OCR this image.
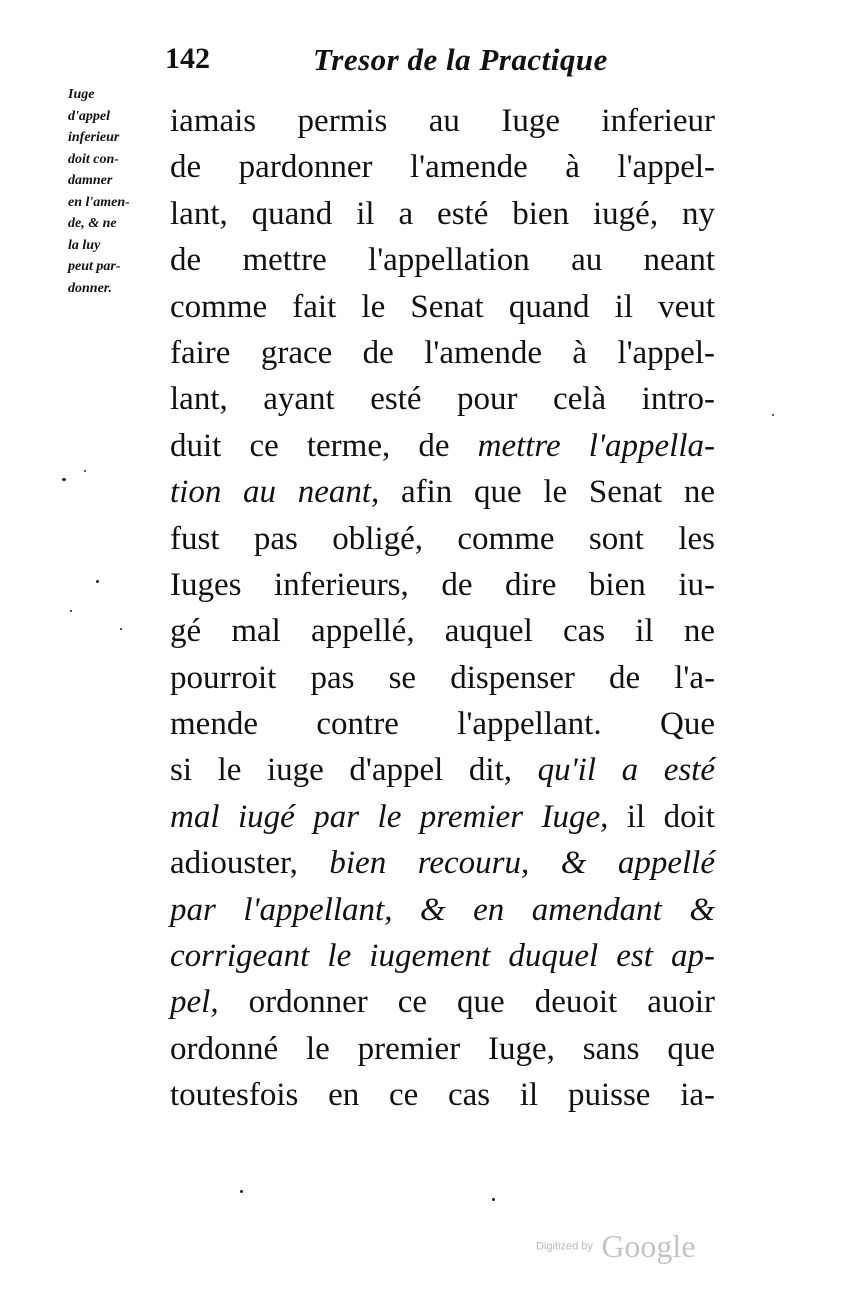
142	Tresor de la Practique
Iuge
d'appel
inferieur
doit con-
damner
en l'amen-
de, & ne
la luy
peut par-
donner.
iamais permis au Iuge inferieur
de pardonner l'amende à l'appel-
lant, quand il a esté bien iugé, ny
de mettre l'appellation au neant
comme fait le Senat quand il veut
faire grace de l'amende à l'appel-
lant, ayant esté pour celà intro-
duit ce terme, de mettre l'appella-
tion au neant, afin que le Senat ne
fust pas obligé, comme sont les
Iuges inferieurs, de dire bien iu-
gé mal appellé, auquel cas il ne
pourroit pas se dispenser de l'a-
mende contre l'appellant. Que
si le iuge d'appel dit, qu'il a esté
mal iugé par le premier Iuge, il doit
adiouster, bien recouru, & appellé
par l'appellant, & en amendant &
corrigeant le iugement duquel est ap-
pel, ordonner ce que deuoit auoir
ordonné le premier Iuge, sans que
toutesfois en ce cas il puisse ia-
Digitized by Google
